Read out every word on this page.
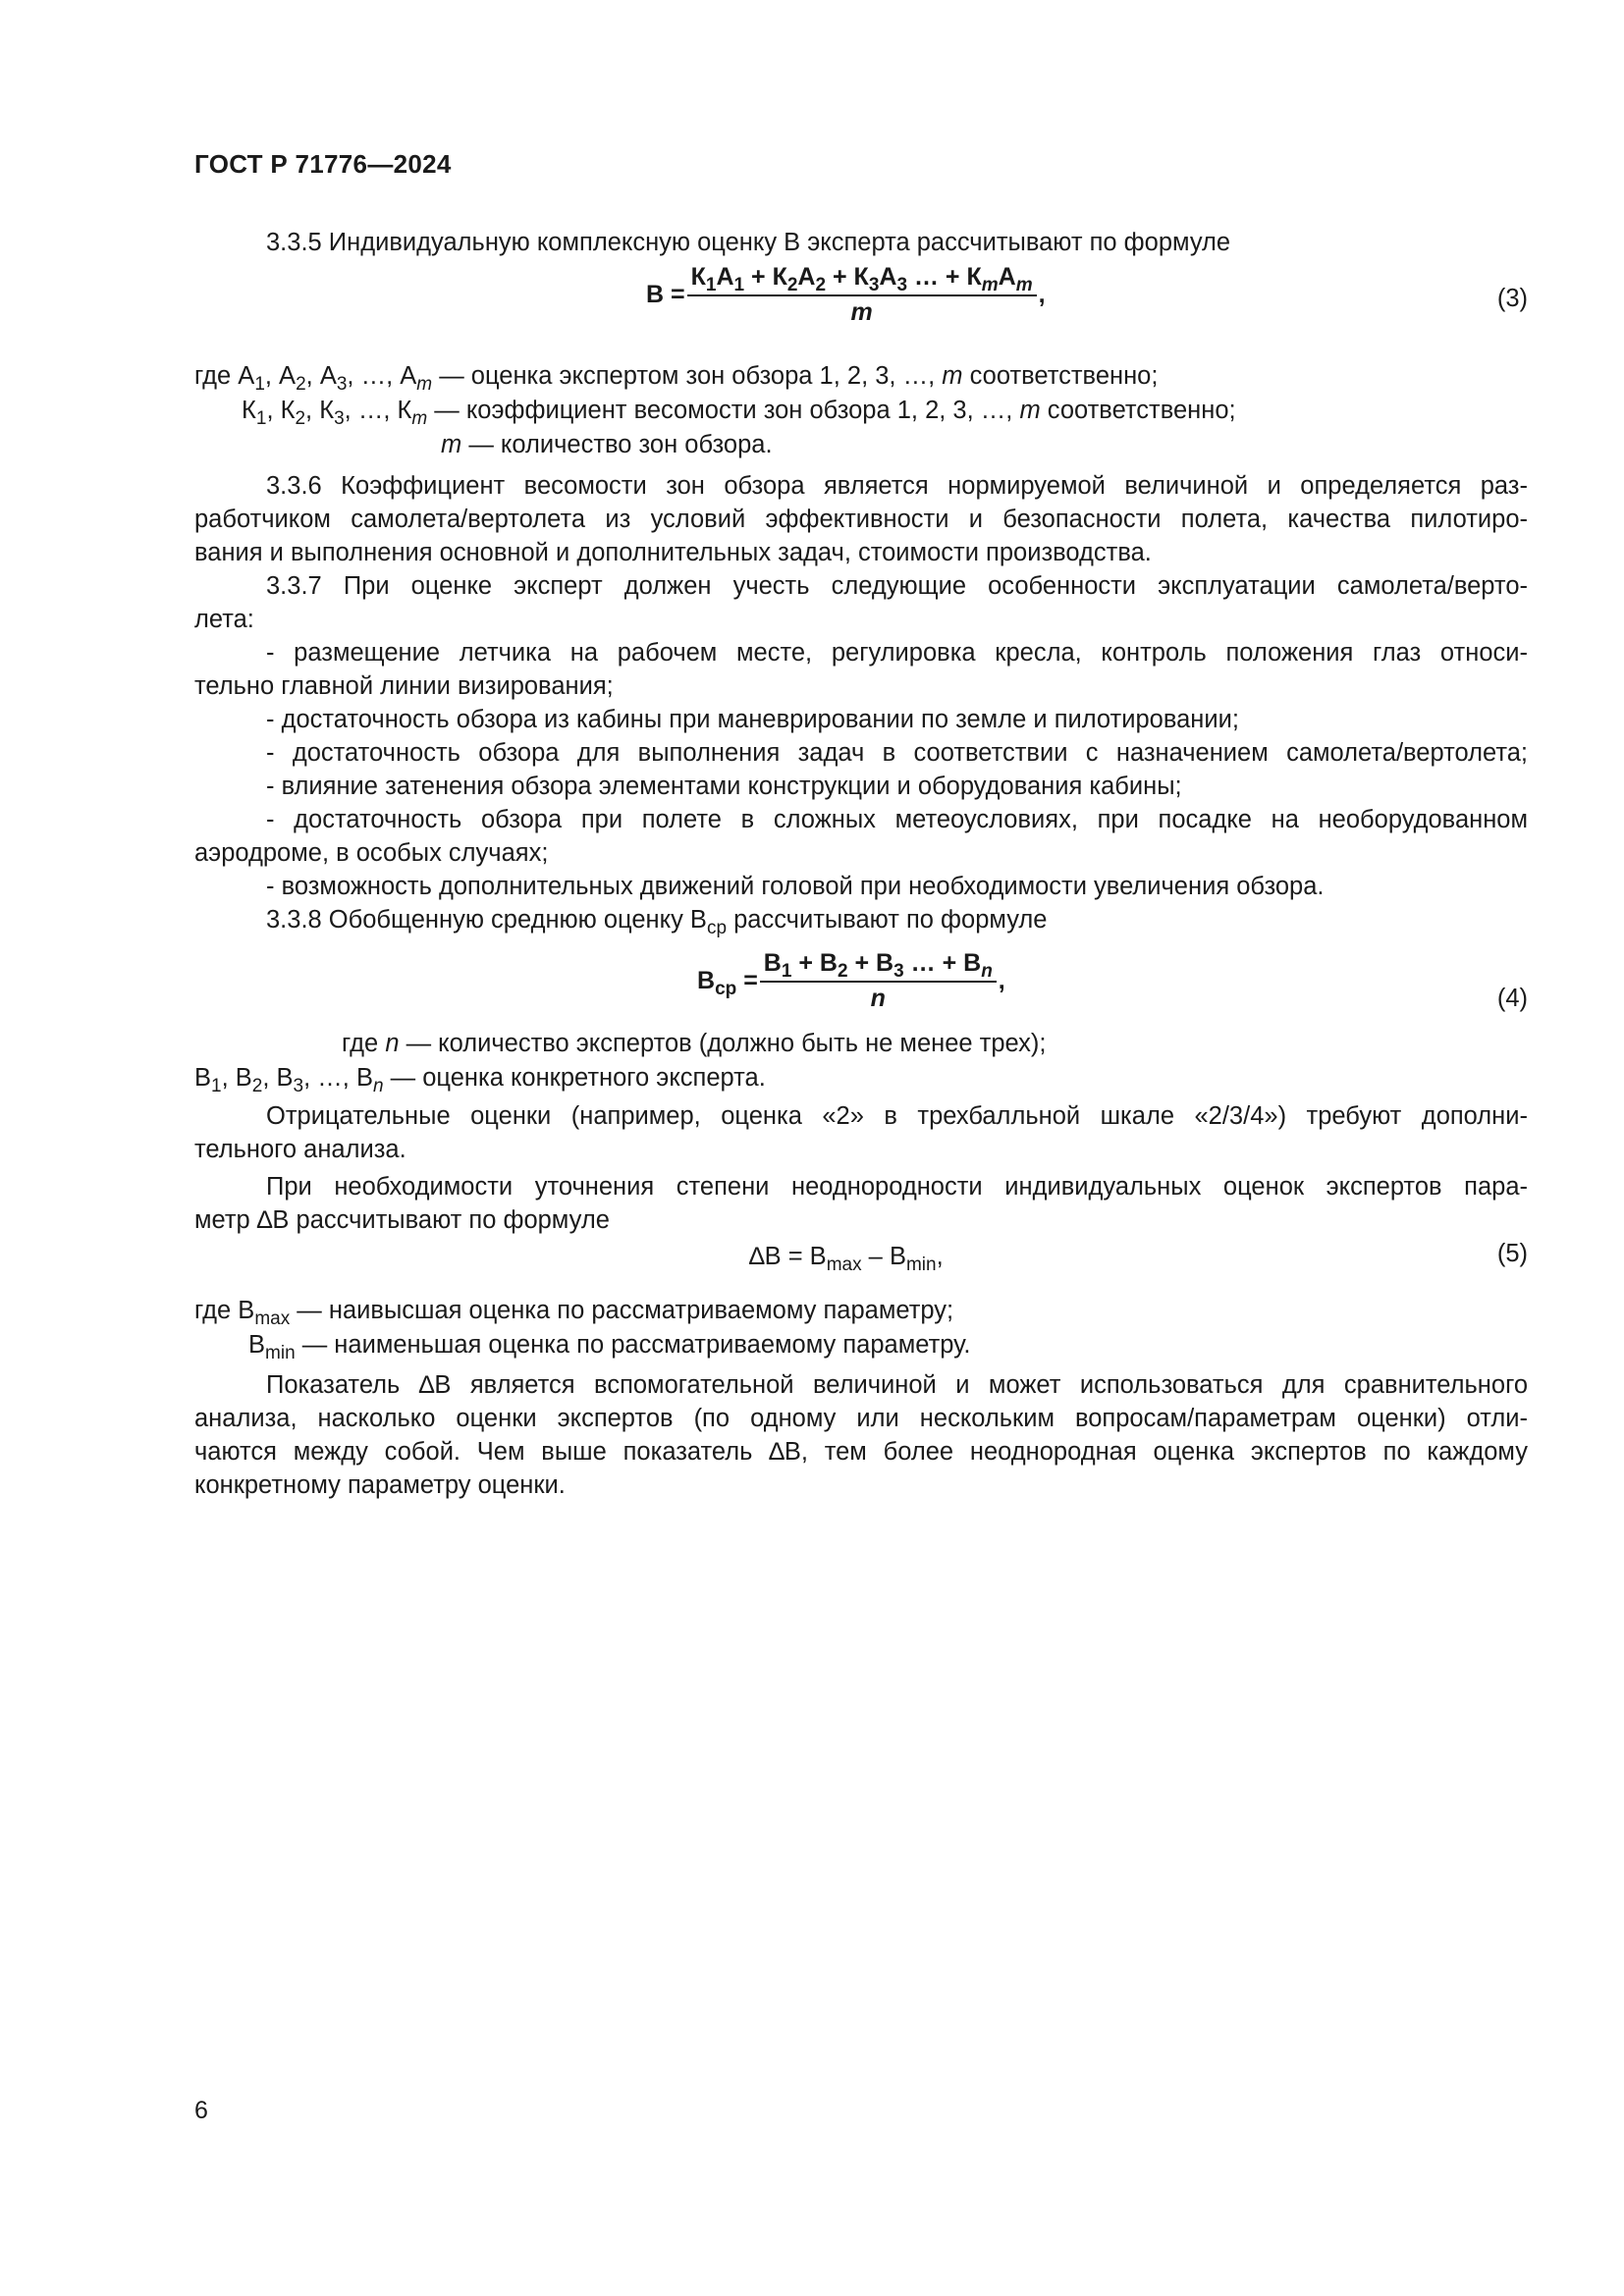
ГОСТ Р 71776—2024
3.3.5 Индивидуальную комплексную оценку В эксперта рассчитывают по формуле
$В = \frac{К_1А_1 + К_2А_2 + К_3А_3 \dots + К_mА_m}{m}$ ,	(3)
где $А_1$, $А_2$, $А_3$, …, $А_m$ — оценка экспертом зон обзора 1, 2, 3, …, m соответственно;
$К_1$, $К_2$, $К_3$, …, $К_m$ — коэффициент весомости зон обзора 1, 2, 3, …, m соответственно;
m — количество зон обзора.
3.3.6 Коэффициент весомости зон обзора является нормируемой величиной и определяется раз-
работчиком самолета/вертолета из условий эффективности и безопасности полета, качества пилотиро-
вания и выполнения основной и дополнительных задач, стоимости производства.
3.3.7 При оценке эксперт должен учесть следующие особенности эксплуатации самолета/верто-
лета:
- размещение летчика на рабочем месте, регулировка кресла, контроль положения глаз относи-
тельно главной линии визирования;
- достаточность обзора из кабины при маневрировании по земле и пилотировании;
- достаточность обзора для выполнения задач в соответствии с назначением самолета/вертолета;
- влияние затенения обзора элементами конструкции и оборудования кабины;
- достаточность обзора при полете в сложных метеоусловиях, при посадке на необорудованном
аэродроме, в особых случаях;
- возможность дополнительных движений головой при необходимости увеличения обзора.
3.3.8 Обобщенную среднюю оценку $В_{ср}$ рассчитывают по формуле
$В_{ср} = \frac{В_1 + В_2 + В_3 \dots + В_n}{n}$ ,
(4)
где n — количество экспертов (должно быть не менее трех);
$В_1$, $В_2$, $В_3$, …, $В_n$ — оценка конкретного эксперта.
Отрицательные оценки (например, оценка «2» в трехбалльной шкале «2/3/4») требуют дополни-
тельного анализа.
При необходимости уточнения степени неоднородности индивидуальных оценок экспертов пара-
метр ∆В рассчитывают по формуле
$\Delta В = В_{max} - В_{min}$,	(5)
где $В_{max}$ — наивысшая оценка по рассматриваемому параметру;
$В_{min}$ — наименьшая оценка по рассматриваемому параметру.
Показатель ∆В является вспомогательной величиной и может использоваться для сравнительного
анализа, насколько оценки экспертов (по одному или нескольким вопросам/параметрам оценки) отли-
чаются между собой. Чем выше показатель ∆В, тем более неоднородная оценка экспертов по каждому
конкретному параметру оценки.
6
